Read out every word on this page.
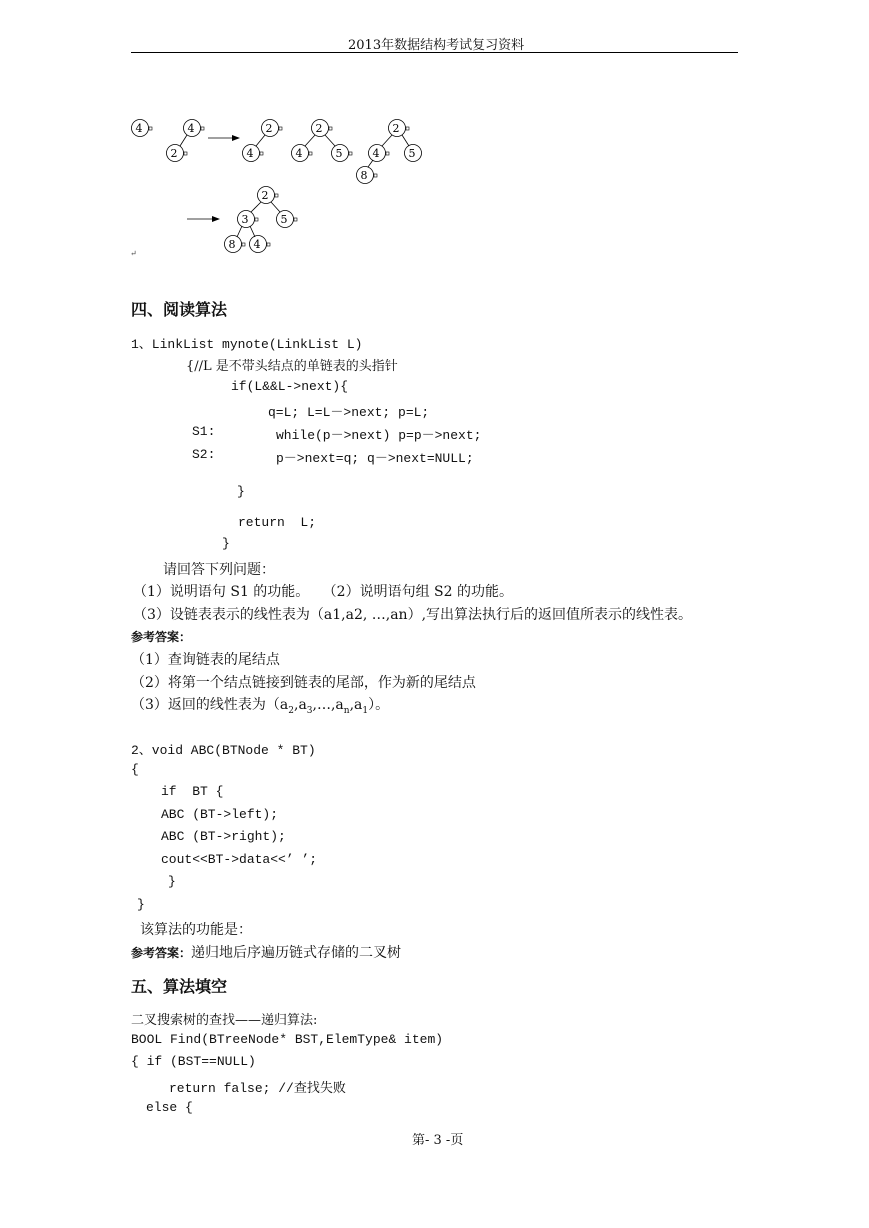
2013年数据结构考试复习资料
4	4
2
2
4
2
4	5
2
4	5
8
2
3	5
8 4
↵
四、阅读算法
1、LinkList mynote(LinkList L)
{//L 是不带头结点的单链表的头指针
if(L&&L->next){
q=L; L=L－>next; p=L;
S1:	while(p－>next) p=p－>next;
S2:	p－>next=q; q－>next=NULL;
}
return  L;
}
请回答下列问题：
（1）说明语句 S1 的功能。   （2）说明语句组 S2 的功能。
（3）设链表表示的线性表为（a1,a2, …,an）,写出算法执行后的返回值所表示的线性表。
参考答案：
（1）查询链表的尾结点
（2）将第一个结点链接到链表的尾部，作为新的尾结点
（3）返回的线性表为$(a_2,a_3,\dots,a_n,a_1)$。
2、void ABC(BTNode * BT)
{
if  BT {
ABC (BT->left);
ABC (BT->right);
cout<<BT->data<<’ ’;
}
}
该算法的功能是：
参考答案：递归地后序遍历链式存储的二叉树
五、算法填空
二叉搜索树的查找——递归算法:
BOOL Find(BTreeNode* BST,ElemType& item)
{ if (BST==NULL)
return false; //查找失败
else {
第- 3 -页
